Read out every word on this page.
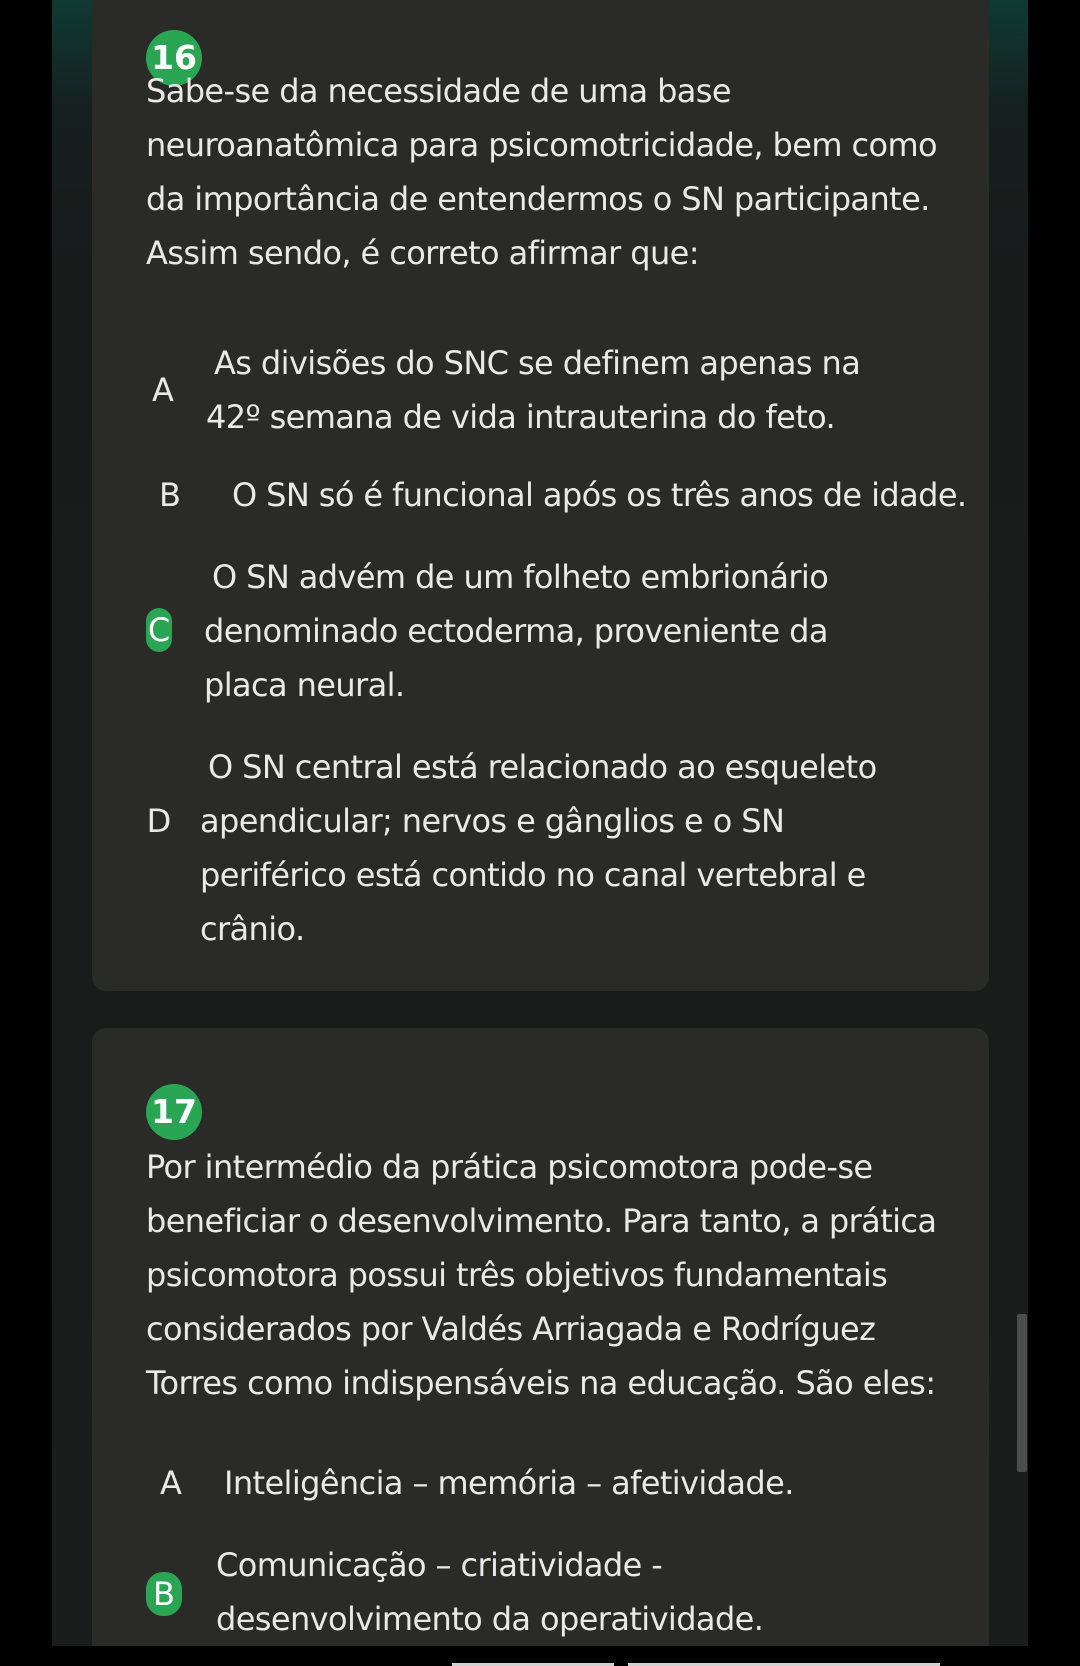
16
Sabe-se da necessidade de uma base neuroanatômica para psicomotricidade, bem como da importância de entendermos o SN participante. Assim sendo, é correto afirmar que:
A
As divisões do SNC se definem apenas na 42º semana de vida intrauterina do feto.
B O SN só é funcional após os três anos de idade.
C
O SN advém de um folheto embrionário denominado ectoderma, proveniente da placa neural.
D
O SN central está relacionado ao esqueleto apendicular; nervos e gânglios e o SN periférico está contido no canal vertebral e crânio.
17
Por intermédio da prática psicomotora pode-se beneficiar o desenvolvimento. Para tanto, a prática psicomotora possui três objetivos fundamentais considerados por Valdés Arriagada e Rodríguez Torres como indispensáveis na educação. São eles:
A Inteligência – memória – afetividade.
B
Comunicação – criatividade - desenvolvimento da operatividade.
